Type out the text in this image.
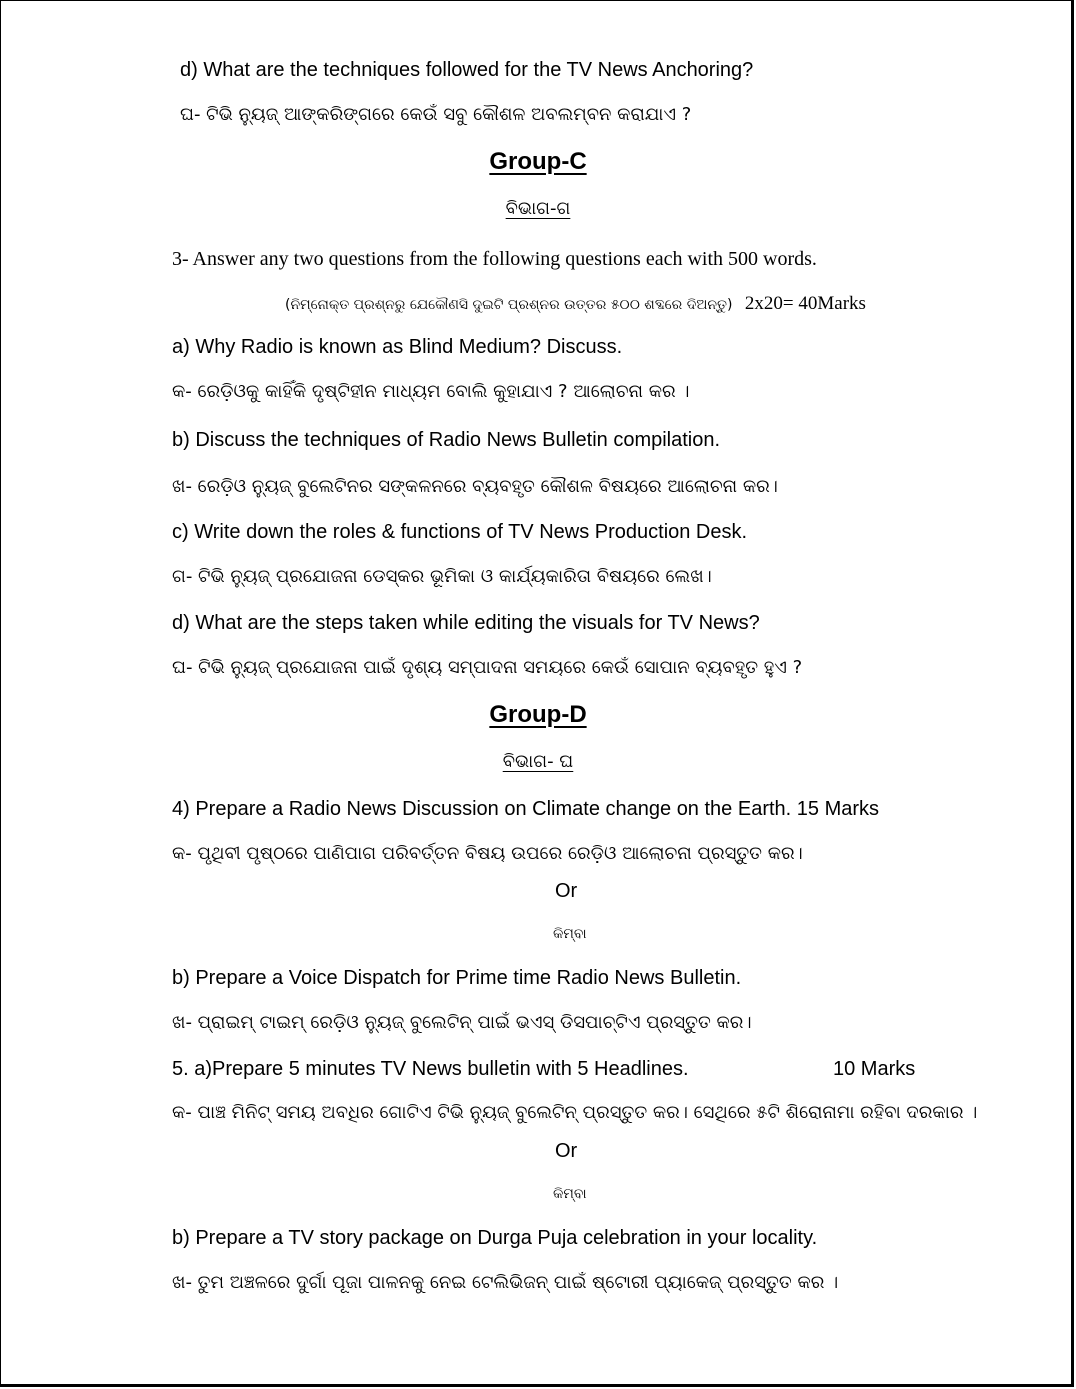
d) What are the techniques followed for the TV News Anchoring?
ଘ- ଟିଭି ନ୍ୟୁଜ୍ ଆଙ୍କରିଙ୍ଗରେ କେଉଁ ସବୁ କୌଶଳ ଅବଲମ୍ବନ କରାଯାଏ ?
Group-C
ବିଭାଗ-ଗ
3- Answer any two questions from the following questions each with 500 words.
(ନିମ୍ନୋକ୍ତ ପ୍ରଶ୍ନରୁ ଯେକୌଣସି ଦୁଇଟି ପ୍ରଶ୍ନର ଉତ୍ତର ୫୦୦ ଶବ୍ଦରେ ଦିଅନ୍ତୁ) 2x20= 40Marks
a) Why Radio is known as Blind Medium? Discuss.
କ- ରେଡ଼ିଓକୁ କାହିଁକି ଦୃଷ୍ଟିହୀନ ମାଧ୍ୟମ ବୋଲି କୁହାଯାଏ ? ଆଲୋଚନା କର ।
b) Discuss the techniques of Radio News Bulletin compilation.
ଖ- ରେଡ଼ିଓ ନ୍ୟୁଜ୍ ବୁଲେଟିନର ସଙ୍କଳନରେ ବ୍ୟବହୃତ କୌଶଳ ବିଷୟରେ ଆଲୋଚନା କର।
c) Write down the roles & functions of TV News Production Desk.
ଗ- ଟିଭି ନ୍ୟୁଜ୍ ପ୍ରଯୋଜନା ଡେସ୍କର ଭୂମିକା ଓ କାର୍ଯ୍ୟକାରିତା ବିଷୟରେ ଲେଖ।
d) What are the steps taken while editing the visuals for TV News?
ଘ- ଟିଭି ନ୍ୟୁଜ୍ ପ୍ରଯୋଜନା ପାଇଁ ଦୃଶ୍ୟ ସମ୍ପାଦନା ସମୟରେ କେଉଁ ସୋପାନ ବ୍ୟବହୃତ ହୁଏ ?
Group-D
ବିଭାଗ- ଘ
4) Prepare a Radio News Discussion on Climate change on the Earth. 15 Marks
କ- ପୃଥିବୀ ପୃଷ୍ଠରେ ପାଣିପାଗ ପରିବର୍ତ୍ତନ ବିଷୟ ଉପରେ ରେଡ଼ିଓ ଆଲୋଚନା ପ୍ରସ୍ତୁତ କର।
Or
କିମ୍ବା
b) Prepare a Voice Dispatch for Prime time Radio News Bulletin.
ଖ- ପ୍ରାଇମ୍ ଟାଇମ୍ ରେଡ଼ିଓ ନ୍ୟୁଜ୍ ବୁଲେଟିନ୍ ପାଇଁ ଭଏସ୍ ଡିସପାଚ୍‌ଟିଏ ପ୍ରସ୍ତୁତ କର।
5. a)Prepare 5 minutes TV News bulletin with 5 Headlines.	10 Marks
କ- ପାଞ୍ଚ ମିନିଟ୍ ସମୟ ଅବଧିର ଗୋଟିଏ ଟିଭି ନ୍ୟୁଜ୍ ବୁଲେଟିନ୍ ପ୍ରସ୍ତୁତ କର। ସେଥିରେ ୫ଟି ଶିରୋନାମା ରହିବା ଦରକାର ।
Or
କିମ୍ବା
b) Prepare a TV story package on Durga Puja celebration in your locality.
ଖ- ତୁମ ଅଞ୍ଚଳରେ ଦୁର୍ଗା ପୂଜା ପାଳନକୁ ନେଇ ଟେଲିଭିଜନ୍ ପାଇଁ ଷ୍ଟୋରୀ ପ୍ୟାକେଜ୍ ପ୍ରସ୍ତୁତ କର ।
